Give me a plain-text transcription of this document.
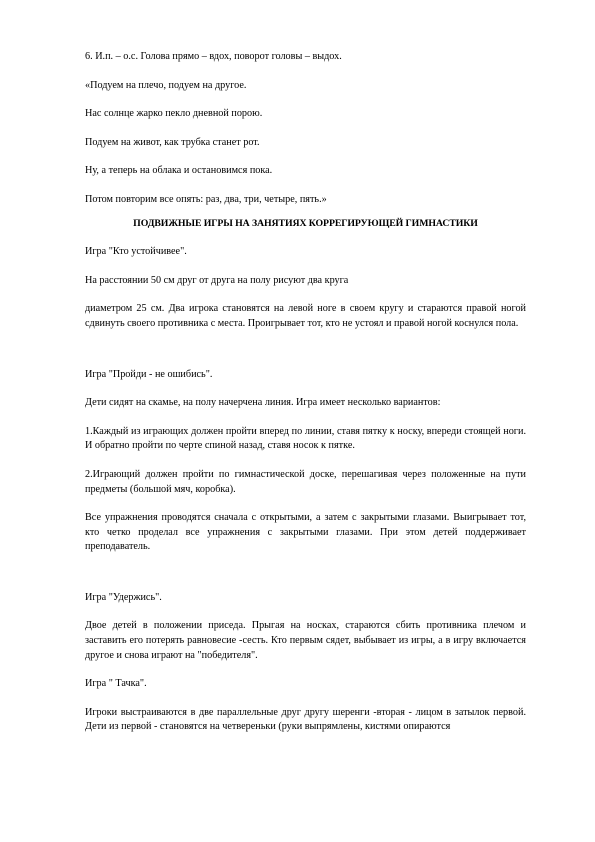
6. И.п. – о.с. Голова прямо – вдох, поворот головы – выдох.

«Подуем на плечо, подуем на другое.

Нас солнце жарко пекло дневной порою.

Подуем на живот, как трубка станет рот.

Ну, а теперь на облака и остановимся пока.

Потом повторим все опять: раз, два, три, четыре, пять.»

ПОДВИЖНЫЕ ИГРЫ НА ЗАНЯТИЯХ КОРРЕГИРУЮЩЕЙ ГИМНАСТИКИ

Игра "Кто устойчивее".

На расстоянии 50 см друг от друга на полу рисуют два круга

диаметром 25 см. Два игрока становятся на левой ноге в своем кругу и стараются правой ногой сдвинуть своего противника с места. Проигрывает тот, кто не устоял и правой ногой коснулся пола.

Игра "Пройди - не ошибись".

Дети сидят на скамье, на полу начерчена линия. Игра имеет несколько вариантов:

1.Каждый из играющих должен пройти вперед по линии, ставя пятку к носку, впереди стоящей ноги. И обратно пройти по черте спиной назад, ставя носок к пятке.

2.Играющий должен пройти по гимнастической доске, перешагивая через положенные на пути предметы (большой мяч, коробка).

Все упражнения проводятся сначала с открытыми, а затем с закрытыми глазами. Выигрывает тот, кто четко проделал все упражнения с закрытыми глазами. При этом детей поддерживает преподаватель.

Игра "Удержись".

Двое детей в положении приседа. Прыгая на носках, стараются сбить противника плечом и заставить его потерять равновесие -сесть. Кто первым сядет, выбывает из игры, а в игру включается другое и снова играют на "победителя".

Игра " Тачка".

Игроки выстраиваются в две параллельные друг другу шеренги -вторая - лицом в затылок первой. Дети из первой - становятся на четвереньки (руки выпрямлены, кистями опираются
